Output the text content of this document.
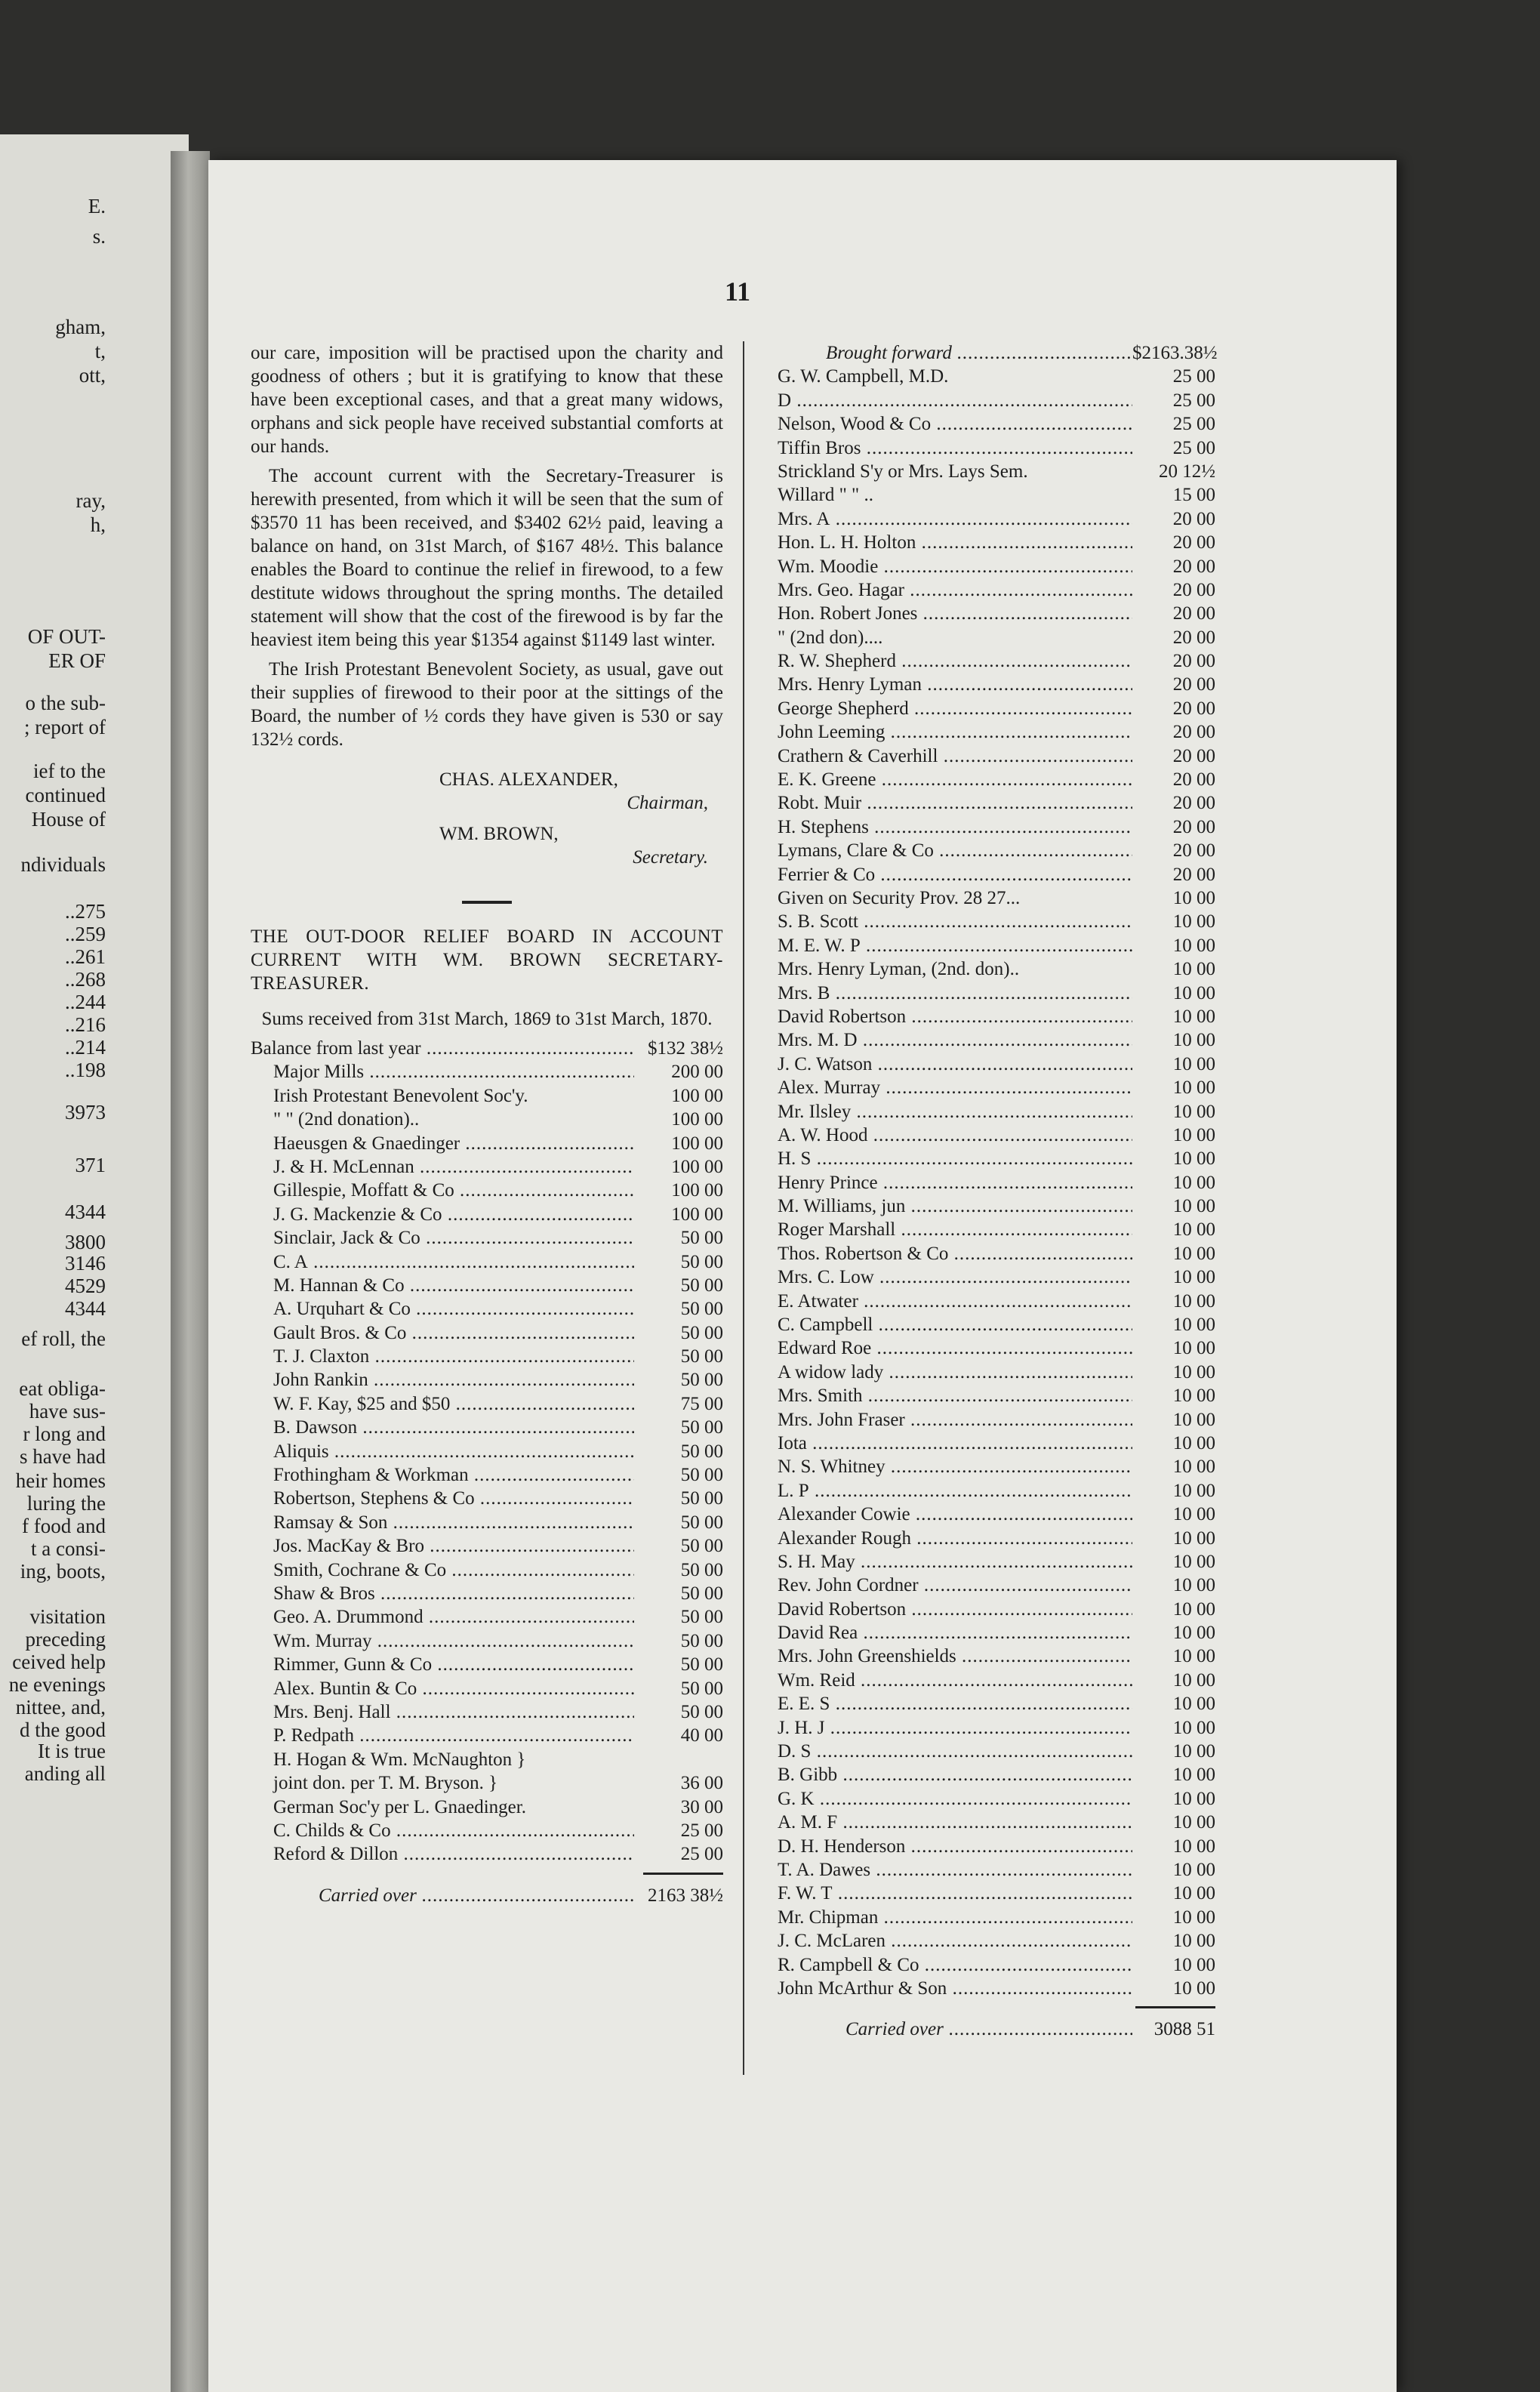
E.
s.
gham,
t,
ott,
ray,
h,
OF OUT-
ER OF
o the sub-
; report of
ief to the
continued
House of
ndividuals
..275
..259
..261
..268
..244
..216
..214
..198
3973
371
4344
3800
3146
4529
4344
ef roll, the
eat obliga-
have sus-
r long and
s have had
heir homes
luring the
f food and
t a consi-
ing, boots,
visitation
preceding
ceived help
ne evenings
nittee, and,
d the good
It is true
anding all
11

our care, imposition will be practised upon the charity and goodness of others ; but it is gratifying to know that these have been exceptional cases, and that a great many widows, orphans and sick people have received substantial comforts at our hands.

The account current with the Secretary-Treasurer is herewith presented, from which it will be seen that the sum of $3570 11 has been received, and $3402 62½ paid, leaving a balance on hand, on 31st March, of $167 48½. This balance enables the Board to continue the relief in firewood, to a few destitute widows throughout the spring months. The detailed statement will show that the cost of the firewood is by far the heaviest item being this year $1354 against $1149 last winter.

The Irish Protestant Benevolent Society, as usual, gave out their supplies of firewood to their poor at the sittings of the Board, the number of ½ cords they have given is 530 or say 132½ cords.

CHAS. ALEXANDER,
Chairman,
WM. BROWN,
Secretary.
THE OUT-DOOR RELIEF BOARD IN ACCOUNT CURRENT WITH WM. BROWN SECRETARY-TREASURER.
Sums received from 31st March, 1869 to 31st March, 1870.
Balance from last year .....	$132 38½
Major Mills .....	200 00
Irish Protestant Benevolent Soc'y.	100 00
" " (2nd donation)..	100 00
Haeusgen & Gnaedinger .....	100 00
J. & H. McLennan .....	100 00
Gillespie, Moffatt & Co .....	100 00
J. G. Mackenzie & Co .....	100 00
Sinclair, Jack & Co .....	50 00
C. A .....	50 00
M. Hannan & Co .....	50 00
A. Urquhart & Co .....	50 00
Gault Bros. & Co .....	50 00
T. J. Claxton .....	50 00
John Rankin .....	50 00
W. F. Kay, $25 and $50 .....	75 00
B. Dawson .....	50 00
Aliquis .....	50 00
Frothingham & Workman .....	50 00
Robertson, Stephens & Co .....	50 00
Ramsay & Son .....	50 00
Jos. MacKay & Bro .....	50 00
Smith, Cochrane & Co .....	50 00
Shaw & Bros .....	50 00
Geo. A. Drummond .....	50 00
Wm. Murray .....	50 00
Rimmer, Gunn & Co .....	50 00
Alex. Buntin & Co .....	50 00
Mrs. Benj. Hall .....	50 00
P. Redpath .....	40 00
H. Hogan & Wm. McNaughton }
joint don. per T. M. Bryson. }	36 00
German Soc'y per L. Gnaedinger.	30 00
C. Childs & Co .....	25 00
Reford & Dillon .....	25 00
Carried over .....	2163 38½
Brought forward .....	$2163.38½
G. W. Campbell, M.D.	25 00
D .....	25 00
Nelson, Wood & Co .....	25 00
Tiffin Bros .....	25 00
Strickland S'y or Mrs. Lays Sem.	20 12½
Willard " " ..	15 00
Mrs. A .....	20 00
Hon. L. H. Holton .....	20 00
Wm. Moodie .....	20 00
Mrs. Geo. Hagar .....	20 00
Hon. Robert Jones .....	20 00
" (2nd don)....	20 00
R. W. Shepherd .....	20 00
Mrs. Henry Lyman .....	20 00
George Shepherd .....	20 00
John Leeming .....	20 00
Crathern & Caverhill .....	20 00
E. K. Greene .....	20 00
Robt. Muir .....	20 00
H. Stephens .....	20 00
Lymans, Clare & Co .....	20 00
Ferrier & Co .....	20 00
Given on Security Prov. 28 27...	10 00
S. B. Scott .....	10 00
M. E. W. P .....	10 00
Mrs. Henry Lyman, (2nd. don)..	10 00
Mrs. B .....	10 00
David Robertson .....	10 00
Mrs. M. D .....	10 00
J. C. Watson .....	10 00
Alex. Murray .....	10 00
Mr. Ilsley .....	10 00
A. W. Hood .....	10 00
H. S .....	10 00
Henry Prince .....	10 00
M. Williams, jun .....	10 00
Roger Marshall .....	10 00
Thos. Robertson & Co .....	10 00
Mrs. C. Low .....	10 00
E. Atwater .....	10 00
C. Campbell .....	10 00
Edward Roe .....	10 00
A widow lady .....	10 00
Mrs. Smith .....	10 00
Mrs. John Fraser .....	10 00
Iota .....	10 00
N. S. Whitney .....	10 00
L. P .....	10 00
Alexander Cowie .....	10 00
Alexander Rough .....	10 00
S. H. May .....	10 00
Rev. John Cordner .....	10 00
David Robertson .....	10 00
David Rea .....	10 00
Mrs. John Greenshields .....	10 00
Wm. Reid .....	10 00
E. E. S .....	10 00
J. H. J .....	10 00
D. S .....	10 00
B. Gibb .....	10 00
G. K .....	10 00
A. M. F .....	10 00
D. H. Henderson .....	10 00
T. A. Dawes .....	10 00
F. W. T .....	10 00
Mr. Chipman .....	10 00
J. C. McLaren .....	10 00
R. Campbell & Co .....	10 00
John McArthur & Son .....	10 00
Carried over .....	3088 51
